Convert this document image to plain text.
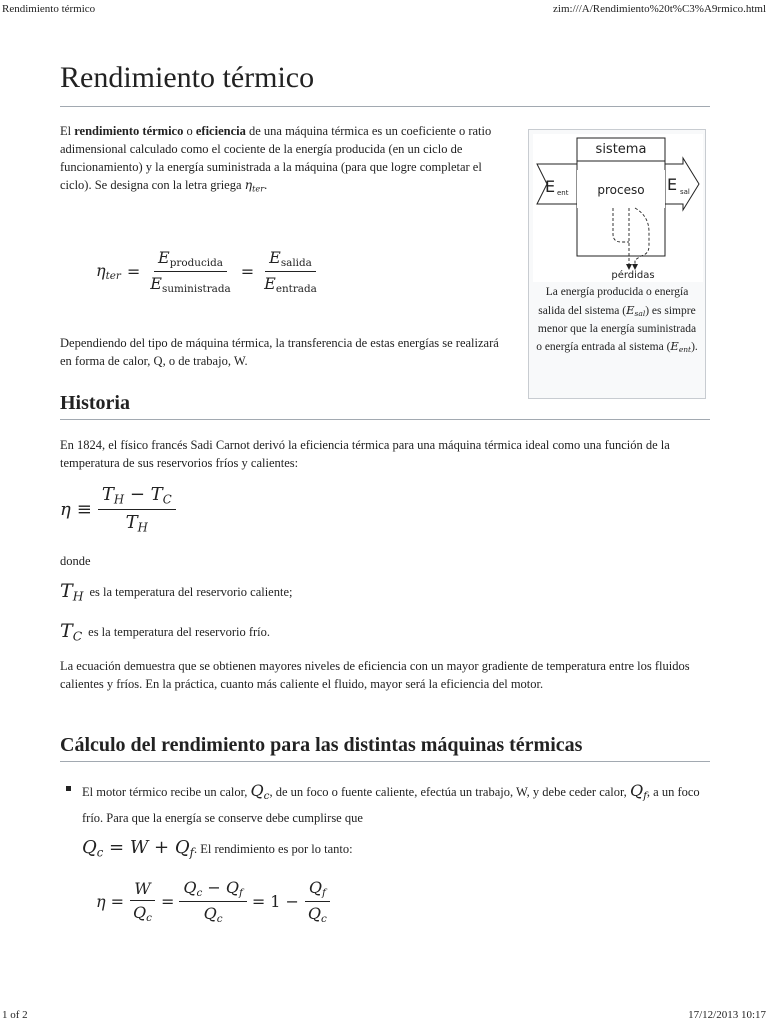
Rendimiento térmico	zim:///A/Rendimiento%20t%C3%A9rmico.html
Rendimiento térmico

El rendimiento térmico o eficiencia de una máquina térmica es un coeficiente o ratio adimensional calculado como el cociente de la energía producida (en un ciclo de funcionamiento) y la energía suministrada a la máquina (para que logre completar el ciclo). Se designa con la letra griega $\eta_{ter}$.

$\eta_{ter} = \frac{\text{Eproducida}}{\text{Esuministrada}} = \frac{\text{Esalida}}{\text{Eentrada}}$

Dependiendo del tipo de máquina térmica, la transferencia de estas energías se realizará en forma de calor, Q, o de trabajo, W.

Historia

En 1824, el físico francés Sadi Carnot derivó la eficiencia térmica para una máquina térmica ideal como una función de la temperatura de sus reservorios fríos y calientes:

$\eta \equiv \frac{T_H - T_C}{T_H}$

donde

$T_H$ es la temperatura del reservorio caliente;

$T_C$ es la temperatura del reservorio frío.

La ecuación demuestra que se obtienen mayores niveles de eficiencia con un mayor gradiente de temperatura entre los fluidos calientes y fríos. En la práctica, cuanto más caliente el fluido, mayor será la eficiencia del motor.

Cálculo del rendimiento para las distintas máquinas térmicas

El motor térmico recibe un calor, $Q_c$, de un foco o fuente caliente, efectúa un trabajo, W, y debe ceder calor, $Q_f$, a un foco frío. Para que la energía se conserve debe cumplirse que
$Q_c = W + Q_f$. El rendimiento es por lo tanto:

$\eta = \frac{W}{Q_c} = \frac{Q_c - Q_f}{Q_c} = 1 - \frac{Q_f}{Q_c}$
sistema
proceso
E ent	E sal
pérdidas
La energía producida o energía salida del sistema $(E_{sal})$ es simpre menor que la energía suministrada o energía entrada al sistema $(E_{ent})$.
1 of 2	17/12/2013 10:17
